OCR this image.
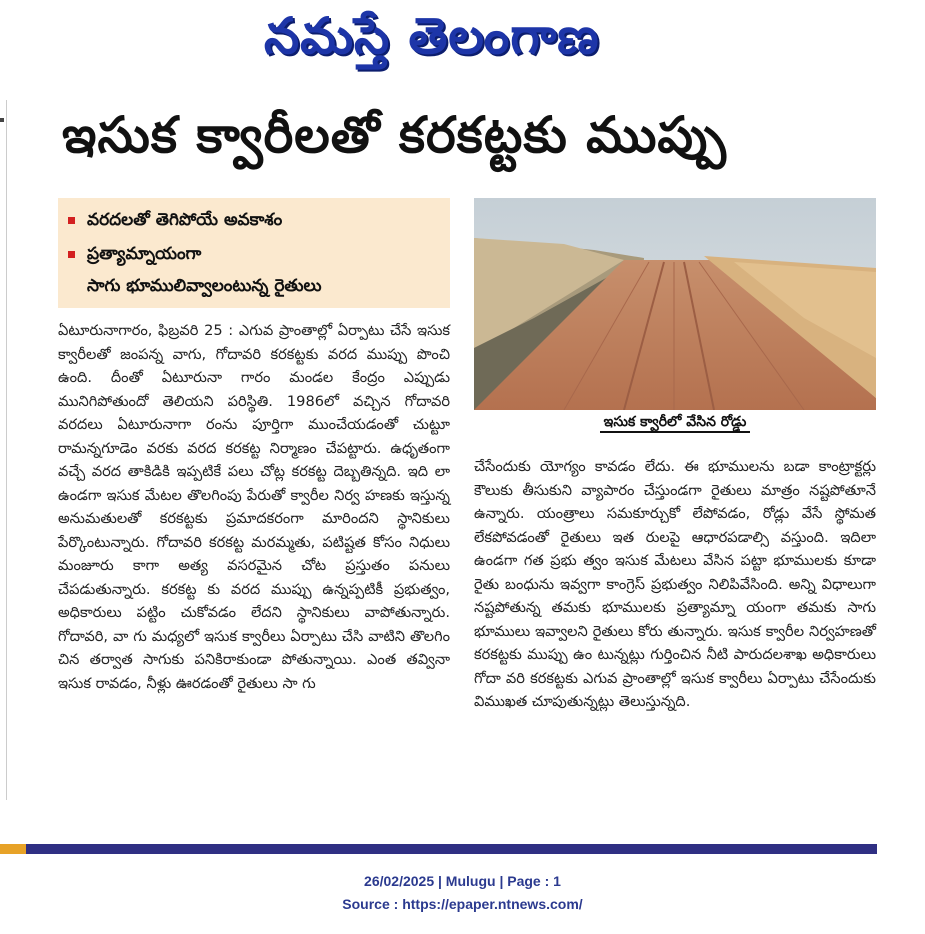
నమస్తే తెలంగాణ
ఇసుక క్వారీలతో కరకట్టకు ముప్పు
వరదలతో తెగిపోయే అవకాశం
ప్రత్యామ్నాయంగా
సాగు భూములివ్వాలంటున్న రైతులు
ఇసుక క్వారీలో వేసిన రోడ్డు
ఏటూరునాగారం, ఫిబ్రవరి 25 : ఎగువ ప్రాంతాల్లో ఏర్పాటు చేసే ఇసుక క్వారీలతో జంపన్న వాగు, గోదావరి కరకట్టకు వరద ముప్పు పొంచి ఉంది. దీంతో ఏటూరునా గారం మండల కేంద్రం ఎప్పుడు మునిగిపోతుందో తెలియని పరిస్థితి. 1986లో వచ్చిన గోదావరి వరదలు ఏటూరునాగా రంను పూర్తిగా ముంచేయడంతో చుట్టూ రామన్నగూడెం వరకు వరద కరకట్ట నిర్మాణం చేపట్టారు. ఉధృతంగా వచ్చే వరద తాకిడికి ఇప్పటికే పలు చోట్ల కరకట్ట దెబ్బతిన్నది. ఇది లా ఉండగా ఇసుక మేటల తొలగింపు పేరుతో క్వారీల నిర్వ హణకు ఇస్తున్న అనుమతులతో కరకట్టకు ప్రమాదకరంగా మారిందని స్థానికులు పేర్కొంటున్నారు. గోదావరి కరకట్ట మరమ్మతు, పటిష్టత కోసం నిధులు మంజూరు కాగా అత్య వసరమైన చోట ప్రస్తుతం పనులు చేపడుతున్నారు. కరకట్ట కు వరద ముప్పు ఉన్నప్పటికీ ప్రభుత్వం, అధికారులు పట్టిం చుకోవడం లేదని స్థానికులు వాపోతున్నారు. గోదావరి, వా గు మధ్యలో ఇసుక క్వారీలు ఏర్పాటు చేసి వాటిని తొలగిం చిన తర్వాత సాగుకు పనికిరాకుండా పోతున్నాయి. ఎంత తవ్వినా ఇసుక రావడం, నీళ్లు ఊరడంతో రైతులు సా గు
చేసేందుకు యోగ్యం కావడం లేదు. ఈ భూములను బడా కాంట్రాక్టర్లు కౌలుకు తీసుకుని వ్యాపారం చేస్తుండగా రైతులు మాత్రం నష్టపోతూనే ఉన్నారు. యంత్రాలు సమకూర్చుకో లేపోవడం, రోడ్లు వేసే స్థోమత లేకపోవడంతో రైతులు ఇత రులపై ఆధారపడాల్సి వస్తుంది. ఇదిలా ఉండగా గత ప్రభు త్వం ఇసుక మేటలు వేసిన పట్టా భూములకు కూడా రైతు బంధును ఇవ్వగా కాంగ్రెస్ ప్రభుత్వం నిలిపివేసింది. అన్ని విధాలుగా నష్టపోతున్న తమకు భూములకు ప్రత్యామ్నా యంగా తమకు సాగు భూములు ఇవ్వాలని రైతులు కోరు తున్నారు. ఇసుక క్వారీల నిర్వహణతో కరకట్టకు ముప్పు ఉం టున్నట్లు గుర్తించిన నీటి పారుదలశాఖ అధికారులు గోదా వరి కరకట్టకు ఎగువ ప్రాంతాల్లో ఇసుక క్వారీలు ఏర్పాటు చేసేందుకు విముఖత చూపుతున్నట్లు తెలుస్తున్నది.
26/02/2025 | Mulugu | Page : 1
Source : https://epaper.ntnews.com/
